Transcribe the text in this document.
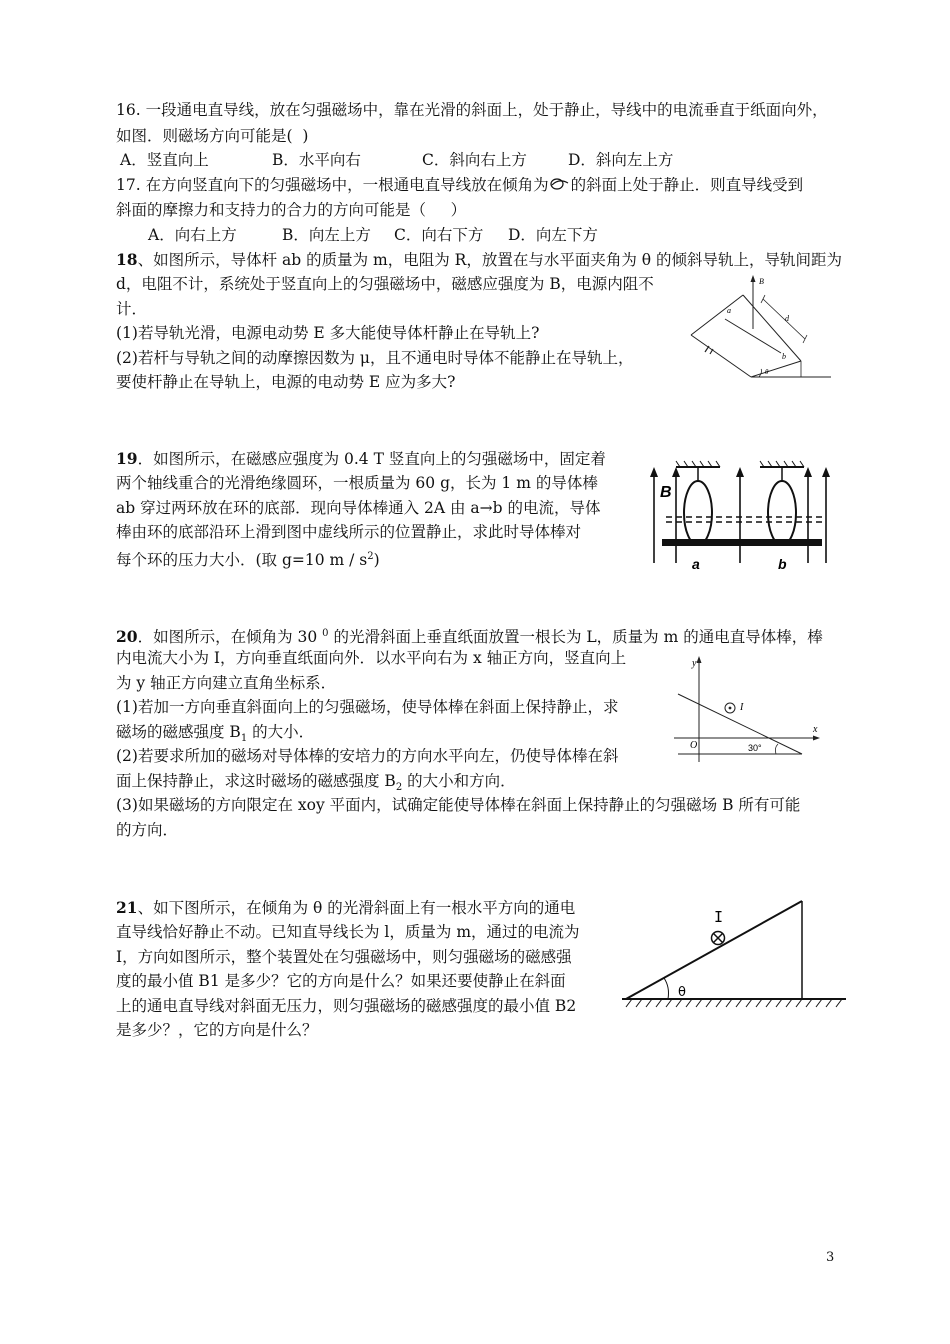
16. 一段通电直导线，放在匀强磁场中，靠在光滑的斜面上，处于静止，导线中的电流垂直于纸面向外，
如图．则磁场方向可能是(  )
A．竖直向上	B．水平向右	C．斜向右上方	D．斜向左上方
17. 在方向竖直向下的匀强磁场中，一根通电直导线放在倾角为 的斜面上处于静止．则直导线受到
斜面的摩擦力和支持力的合力的方向可能是（     ）
A．向右上方	B．向左上方 C．向右下方 D．向左下方
18、如图所示，导体杆 ab 的质量为 m，电阻为 R，放置在与水平面夹角为 θ 的倾斜导轨上，导轨间距为
d，电阻不计，系统处于竖直向上的匀强磁场中，磁感应强度为 B，电源内阻不
计．
(1)若导轨光滑，电源电动势 E 多大能使导体杆静止在导轨上?
(2)若杆与导轨之间的动摩擦因数为 μ，且不通电时导体不能静止在导轨上，
要使杆静止在导轨上，电源的电动势 E 应为多大?
B
a
b
d
θ
19．如图所示，在磁感应强度为 0.4 T 竖直向上的匀强磁场中，固定着
两个轴线重合的光滑绝缘圆环，一根质量为 60 g，长为 1 m 的导体棒
ab 穿过两环放在环的底部．现向导体棒通入 2A 由 a→b 的电流，导体
棒由环的底部沿环上滑到图中虚线所示的位置静止，求此时导体棒对
每个环的压力大小．(取 g=10 m / $s^2$)
B
a	b
20．如图所示，在倾角为 30 $^0$ 的光滑斜面上垂直纸面放置一根长为 L，质量为 m 的通电直导体棒，棒
内电流大小为 I，方向垂直纸面向外．以水平向右为 x 轴正方向，竖直向上
为 y 轴正方向建立直角坐标系．
(1)若加一方向垂直斜面向上的匀强磁场，使导体棒在斜面上保持静止，求
磁场的磁感强度 $B_1$ 的大小．
(2)若要求所加的磁场对导体棒的安培力的方向水平向左，仍使导体棒在斜
面上保持静止，求这时磁场的磁感强度 $B_2$ 的大小和方向．
(3)如果磁场的方向限定在 xoy 平面内，试确定能使导体棒在斜面上保持静止的匀强磁场 B 所有可能
的方向．
y
x
O
I
30°
21、如下图所示，在倾角为 θ 的光滑斜面上有一根水平方向的通电
直导线恰好静止不动。已知直导线长为 l，质量为 m，通过的电流为
I，方向如图所示，整个装置处在匀强磁场中，则匀强磁场的磁感强
度的最小值 B1 是多少？它的方向是什么？如果还要使静止在斜面
上的通电直导线对斜面无压力，则匀强磁场的磁感强度的最小值 B2
是多少？，它的方向是什么？
I
θ
3
